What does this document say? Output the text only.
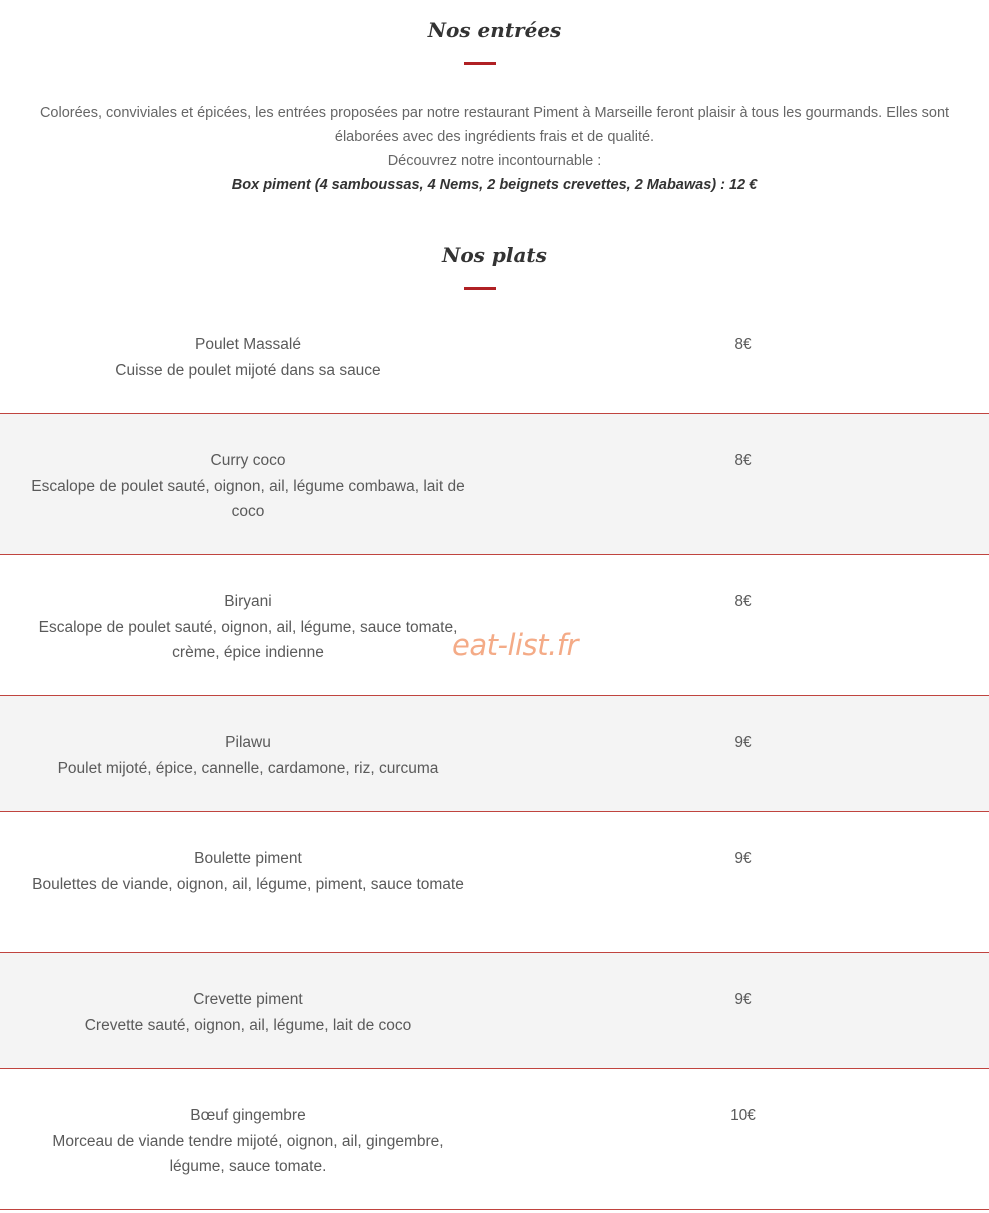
Nos entrées

Colorées, conviviales et épicées, les entrées proposées par notre restaurant Piment à Marseille feront plaisir à tous les gourmands. Elles sont élaborées avec des ingrédients frais et de qualité.

Découvrez notre incontournable :

Box piment (4 samboussas, 4 Nems, 2 beignets crevettes, 2 Mabawas) : 12 €

Nos plats
Poulet Massalé
Cuisse de poulet mijoté dans sa sauce
8€
Curry coco
Escalope de poulet sauté, oignon, ail, légume combawa, lait de coco
8€
Biryani
Escalope de poulet sauté, oignon, ail, légume, sauce tomate, crème, épice indienne
8€
Pilawu
Poulet mijoté, épice, cannelle, cardamone, riz, curcuma
9€
Boulette piment
Boulettes de viande, oignon, ail, légume, piment, sauce tomate
9€
Crevette piment
Crevette sauté, oignon, ail, légume, lait de coco
9€
Bœuf gingembre
Morceau de viande tendre mijoté, oignon, ail, gingembre, légume, sauce tomate.
10€
eat-list.fr
